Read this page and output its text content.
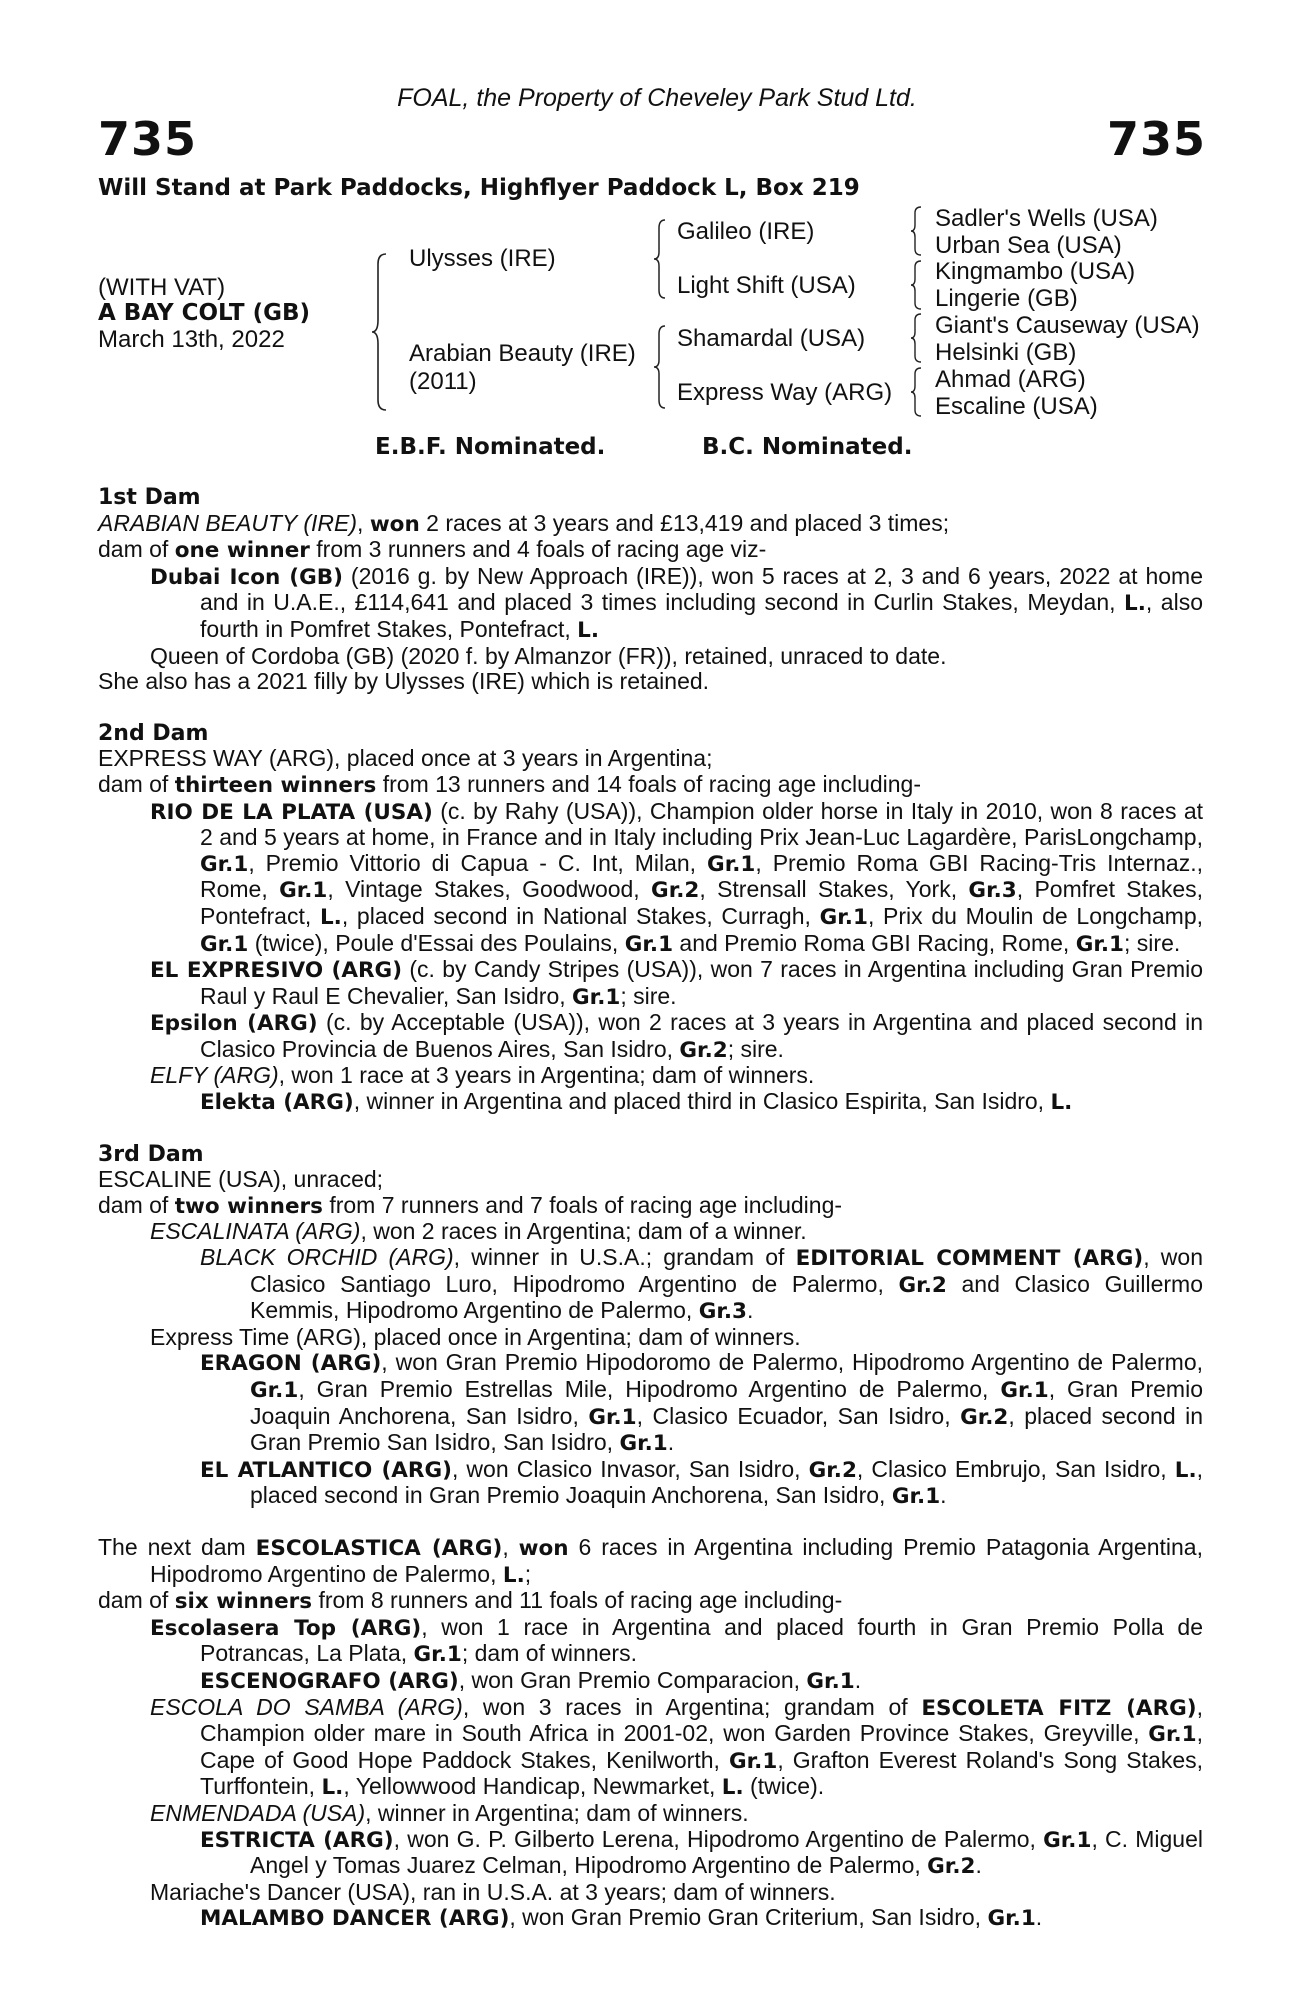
FOAL, the Property of Cheveley Park Stud Ltd.
735	735
Will Stand at Park Paddocks, Highflyer Paddock L, Box 219
(WITH VAT)
A BAY COLT (GB)
March 13th, 2022
Ulysses (IRE)
Arabian Beauty (IRE)
(2011)
Galileo (IRE)
Light Shift (USA)
Shamardal (USA)
Express Way (ARG)
Sadler's Wells (USA)
Urban Sea (USA)
Kingmambo (USA)
Lingerie (GB)
Giant's Causeway (USA)
Helsinki (GB)
Ahmad (ARG)
Escaline (USA)
E.B.F. Nominated.	B.C. Nominated.

1st Dam

ARABIAN BEAUTY (IRE), won 2 races at 3 years and £13,419 and placed 3 times;

dam of one winner from 3 runners and 4 foals of racing age viz-

Dubai Icon (GB) (2016 g. by New Approach (IRE)), won 5 races at 2, 3 and 6 years, 2022 at home and in U.A.E., £114,641 and placed 3 times including second in Curlin Stakes, Meydan, L., also fourth in Pomfret Stakes, Pontefract, L.

Queen of Cordoba (GB) (2020 f. by Almanzor (FR)), retained, unraced to date.

She also has a 2021 filly by Ulysses (IRE) which is retained.

2nd Dam

EXPRESS WAY (ARG), placed once at 3 years in Argentina;

dam of thirteen winners from 13 runners and 14 foals of racing age including-

RIO DE LA PLATA (USA) (c. by Rahy (USA)), Champion older horse in Italy in 2010, won 8 races at 2 and 5 years at home, in France and in Italy including Prix Jean-Luc Lagardère, ParisLongchamp, Gr.1, Premio Vittorio di Capua - C. Int, Milan, Gr.1, Premio Roma GBI Racing-Tris Internaz., Rome, Gr.1, Vintage Stakes, Goodwood, Gr.2, Strensall Stakes, York, Gr.3, Pomfret Stakes, Pontefract, L., placed second in National Stakes, Curragh, Gr.1, Prix du Moulin de Longchamp, Gr.1 (twice), Poule d'Essai des Poulains, Gr.1 and Premio Roma GBI Racing, Rome, Gr.1; sire.

EL EXPRESIVO (ARG) (c. by Candy Stripes (USA)), won 7 races in Argentina including Gran Premio Raul y Raul E Chevalier, San Isidro, Gr.1; sire.

Epsilon (ARG) (c. by Acceptable (USA)), won 2 races at 3 years in Argentina and placed second in Clasico Provincia de Buenos Aires, San Isidro, Gr.2; sire.

ELFY (ARG), won 1 race at 3 years in Argentina; dam of winners.

Elekta (ARG), winner in Argentina and placed third in Clasico Espirita, San Isidro, L.

3rd Dam

ESCALINE (USA), unraced;

dam of two winners from 7 runners and 7 foals of racing age including-

ESCALINATA (ARG), won 2 races in Argentina; dam of a winner.

BLACK ORCHID (ARG), winner in U.S.A.; grandam of EDITORIAL COMMENT (ARG), won Clasico Santiago Luro, Hipodromo Argentino de Palermo, Gr.2 and Clasico Guillermo Kemmis, Hipodromo Argentino de Palermo, Gr.3.

Express Time (ARG), placed once in Argentina; dam of winners.

ERAGON (ARG), won Gran Premio Hipodoromo de Palermo, Hipodromo Argentino de Palermo, Gr.1, Gran Premio Estrellas Mile, Hipodromo Argentino de Palermo, Gr.1, Gran Premio Joaquin Anchorena, San Isidro, Gr.1, Clasico Ecuador, San Isidro, Gr.2, placed second in Gran Premio San Isidro, San Isidro, Gr.1.

EL ATLANTICO (ARG), won Clasico Invasor, San Isidro, Gr.2, Clasico Embrujo, San Isidro, L., placed second in Gran Premio Joaquin Anchorena, San Isidro, Gr.1.

The next dam ESCOLASTICA (ARG), won 6 races in Argentina including Premio Patagonia Argentina, Hipodromo Argentino de Palermo, L.;

dam of six winners from 8 runners and 11 foals of racing age including-

Escolasera Top (ARG), won 1 race in Argentina and placed fourth in Gran Premio Polla de Potrancas, La Plata, Gr.1; dam of winners.

ESCENOGRAFO (ARG), won Gran Premio Comparacion, Gr.1.

ESCOLA DO SAMBA (ARG), won 3 races in Argentina; grandam of ESCOLETA FITZ (ARG), Champion older mare in South Africa in 2001-02, won Garden Province Stakes, Greyville, Gr.1, Cape of Good Hope Paddock Stakes, Kenilworth, Gr.1, Grafton Everest Roland's Song Stakes, Turffontein, L., Yellowwood Handicap, Newmarket, L. (twice).

ENMENDADA (USA), winner in Argentina; dam of winners.

ESTRICTA (ARG), won G. P. Gilberto Lerena, Hipodromo Argentino de Palermo, Gr.1, C. Miguel Angel y Tomas Juarez Celman, Hipodromo Argentino de Palermo, Gr.2.

Mariache's Dancer (USA), ran in U.S.A. at 3 years; dam of winners.

MALAMBO DANCER (ARG), won Gran Premio Gran Criterium, San Isidro, Gr.1.
